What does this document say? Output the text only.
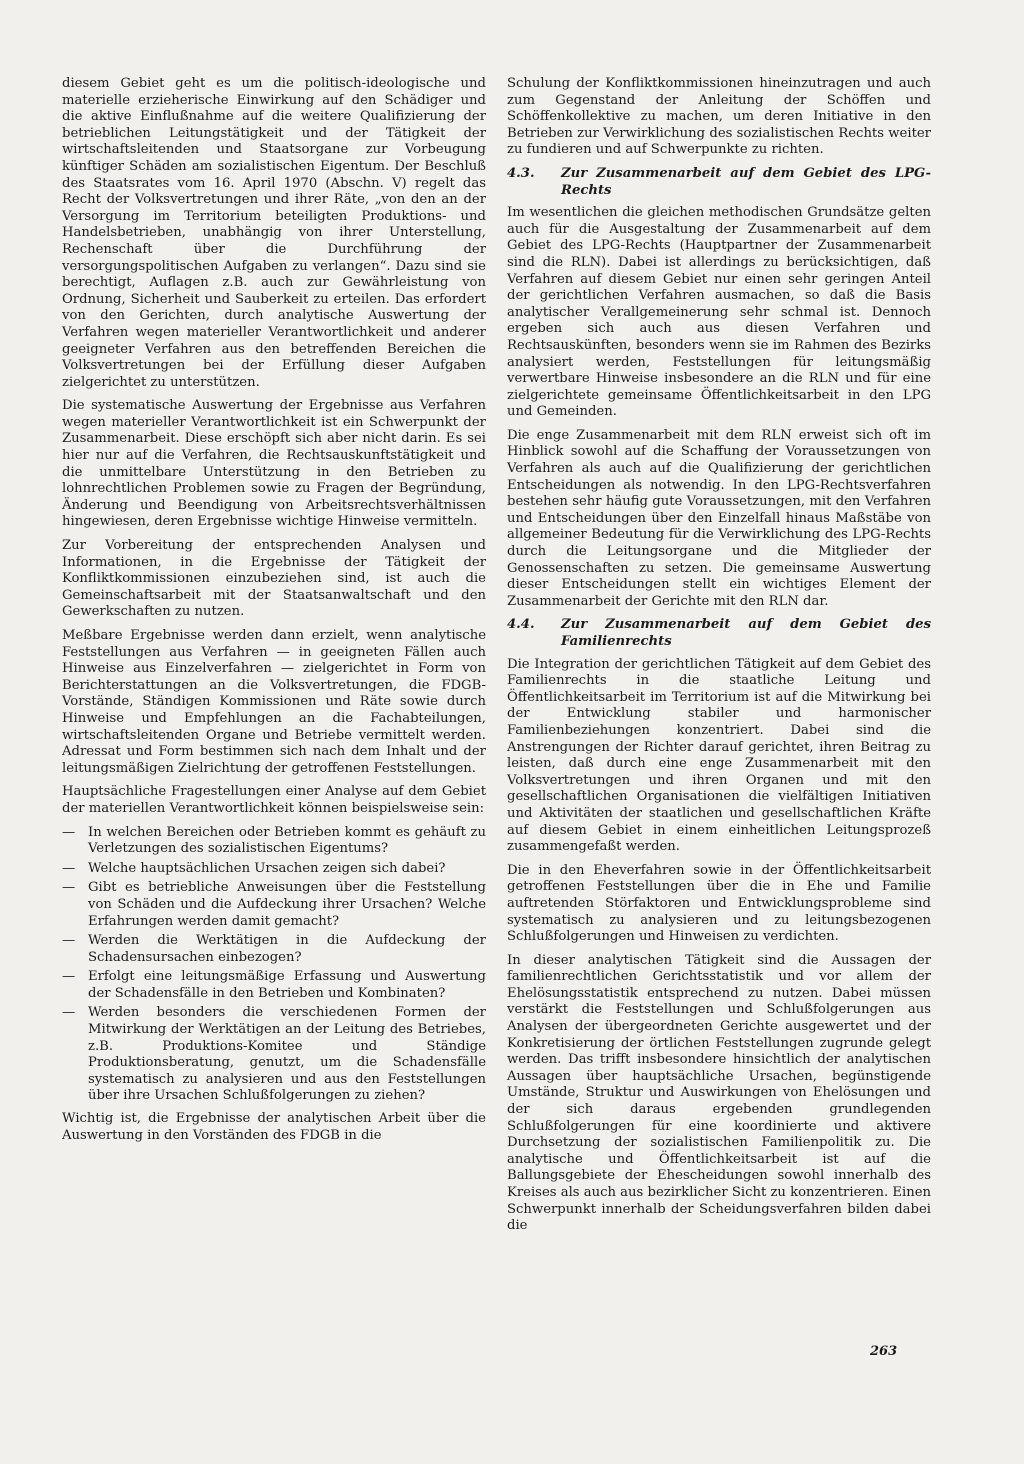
diesem Gebiet geht es um die politisch-ideologische und materielle erzieherische Einwirkung auf den Schädiger und die aktive Einflußnahme auf die weitere Qualifizierung der betrieblichen Leitungstätigkeit und der Tätigkeit der wirtschaftsleitenden und Staatsorgane zur Vorbeugung künftiger Schäden am sozialistischen Eigentum. Der Beschluß des Staatsrates vom 16. April 1970 (Abschn. V) regelt das Recht der Volksvertretungen und ihrer Räte, „von den an der Versorgung im Territorium beteiligten Produktions- und Handelsbetrieben, unabhängig von ihrer Unterstellung, Rechenschaft über die Durchführung der versorgungspolitischen Aufgaben zu verlangen“. Dazu sind sie berechtigt, Auflagen z.B. auch zur Gewährleistung von Ordnung, Sicherheit und Sauberkeit zu erteilen. Das erfordert von den Gerichten, durch analytische Auswertung der Verfahren wegen materieller Verantwortlichkeit und anderer geeigneter Verfahren aus den betreffenden Bereichen die Volksvertretungen bei der Erfüllung dieser Aufgaben zielgerichtet zu unterstützen.

Die systematische Auswertung der Ergebnisse aus Verfahren wegen materieller Verantwortlichkeit ist ein Schwerpunkt der Zusammenarbeit. Diese erschöpft sich aber nicht darin. Es sei hier nur auf die Verfahren, die Rechtsauskunftstätigkeit und die unmittelbare Unterstützung in den Betrieben zu lohnrechtlichen Problemen sowie zu Fragen der Begründung, Änderung und Beendigung von Arbeitsrechtsverhältnissen hingewiesen, deren Ergebnisse wichtige Hinweise vermitteln.

Zur Vorbereitung der entsprechenden Analysen und Informationen, in die Ergebnisse der Tätigkeit der Konfliktkommissionen einzubeziehen sind, ist auch die Gemeinschaftsarbeit mit der Staatsanwaltschaft und den Gewerkschaften zu nutzen.

Meßbare Ergebnisse werden dann erzielt, wenn analytische Feststellungen aus Verfahren — in geeigneten Fällen auch Hinweise aus Einzelverfahren — zielgerichtet in Form von Berichterstattungen an die Volksvertretungen, die FDGB-Vorstände, Ständigen Kommissionen und Räte sowie durch Hinweise und Empfehlungen an die Fachabteilungen, wirtschaftsleitenden Organe und Betriebe vermittelt werden. Adressat und Form bestimmen sich nach dem Inhalt und der leitungsmäßigen Zielrichtung der getroffenen Feststellungen.

Hauptsächliche Fragestellungen einer Analyse auf dem Gebiet der materiellen Verantwortlichkeit können beispielsweise sein:

— In welchen Bereichen oder Betrieben kommt es gehäuft zu Verletzungen des sozialistischen Eigentums?
— Welche hauptsächlichen Ursachen zeigen sich dabei?
— Gibt es betriebliche Anweisungen über die Feststellung von Schäden und die Aufdeckung ihrer Ursachen? Welche Erfahrungen werden damit gemacht?
— Werden die Werktätigen in die Aufdeckung der Schadensursachen einbezogen?
— Erfolgt eine leitungsmäßige Erfassung und Auswertung der Schadensfälle in den Betrieben und Kombinaten?
— Werden besonders die verschiedenen Formen der Mitwirkung der Werktätigen an der Leitung des Betriebes, z.B. Produktions-Komitee und Ständige Produktionsberatung, genutzt, um die Schadensfälle systematisch zu analysieren und aus den Feststellungen über ihre Ursachen Schlußfolgerungen zu ziehen?

Wichtig ist, die Ergebnisse der analytischen Arbeit über die Auswertung in den Vorständen des FDGB in die

Schulung der Konfliktkommissionen hineinzutragen und auch zum Gegenstand der Anleitung der Schöffen und Schöffenkollektive zu machen, um deren Initiative in den Betrieben zur Verwirklichung des sozialistischen Rechts weiter zu fundieren und auf Schwerpunkte zu richten.

4.3.	Zur Zusammenarbeit auf dem Gebiet des LPG-Rechts

Im wesentlichen die gleichen methodischen Grundsätze gelten auch für die Ausgestaltung der Zusammenarbeit auf dem Gebiet des LPG-Rechts (Hauptpartner der Zusammenarbeit sind die RLN). Dabei ist allerdings zu berücksichtigen, daß Verfahren auf diesem Gebiet nur einen sehr geringen Anteil der gerichtlichen Verfahren ausmachen, so daß die Basis analytischer Verallgemeinerung sehr schmal ist. Dennoch ergeben sich auch aus diesen Verfahren und Rechtsauskünften, besonders wenn sie im Rahmen des Bezirks analysiert werden, Feststellungen für leitungsmäßig verwertbare Hinweise insbesondere an die RLN und für eine zielgerichtete gemeinsame Öffentlichkeitsarbeit in den LPG und Gemeinden.

Die enge Zusammenarbeit mit dem RLN erweist sich oft im Hinblick sowohl auf die Schaffung der Voraussetzungen von Verfahren als auch auf die Qualifizierung der gerichtlichen Entscheidungen als notwendig. In den LPG-Rechtsverfahren bestehen sehr häufig gute Voraussetzungen, mit den Verfahren und Entscheidungen über den Einzelfall hinaus Maßstäbe von allgemeiner Bedeutung für die Verwirklichung des LPG-Rechts durch die Leitungsorgane und die Mitglieder der Genossenschaften zu setzen. Die gemeinsame Auswertung dieser Entscheidungen stellt ein wichtiges Element der Zusammenarbeit der Gerichte mit den RLN dar.

4.4.	Zur Zusammenarbeit auf dem Gebiet des Familienrechts

Die Integration der gerichtlichen Tätigkeit auf dem Gebiet des Familienrechts in die staatliche Leitung und Öffentlichkeitsarbeit im Territorium ist auf die Mitwirkung bei der Entwicklung stabiler und harmonischer Familienbeziehungen konzentriert. Dabei sind die Anstrengungen der Richter darauf gerichtet, ihren Beitrag zu leisten, daß durch eine enge Zusammenarbeit mit den Volksvertretungen und ihren Organen und mit den gesellschaftlichen Organisationen die vielfältigen Initiativen und Aktivitäten der staatlichen und gesellschaftlichen Kräfte auf diesem Gebiet in einem einheitlichen Leitungsprozeß zusammengefaßt werden.

Die in den Eheverfahren sowie in der Öffentlichkeitsarbeit getroffenen Feststellungen über die in Ehe und Familie auftretenden Störfaktoren und Entwicklungsprobleme sind systematisch zu analysieren und zu leitungsbezogenen Schlußfolgerungen und Hinweisen zu verdichten.

In dieser analytischen Tätigkeit sind die Aussagen der familienrechtlichen Gerichtsstatistik und vor allem der Ehelösungsstatistik entsprechend zu nutzen. Dabei müssen verstärkt die Feststellungen und Schlußfolgerungen aus Analysen der übergeordneten Gerichte ausgewertet und der Konkretisierung der örtlichen Feststellungen zugrunde gelegt werden. Das trifft insbesondere hinsichtlich der analytischen Aussagen über hauptsächliche Ursachen, begünstigende Umstände, Struktur und Auswirkungen von Ehelösungen und der sich daraus ergebenden grundlegenden Schlußfolgerungen für eine koordinierte und aktivere Durchsetzung der sozialistischen Familienpolitik zu. Die analytische und Öffentlichkeitsarbeit ist auf die Ballungsgebiete der Ehescheidungen sowohl innerhalb des Kreises als auch aus bezirklicher Sicht zu konzentrieren. Einen Schwerpunkt innerhalb der Scheidungsverfahren bilden dabei die

263
